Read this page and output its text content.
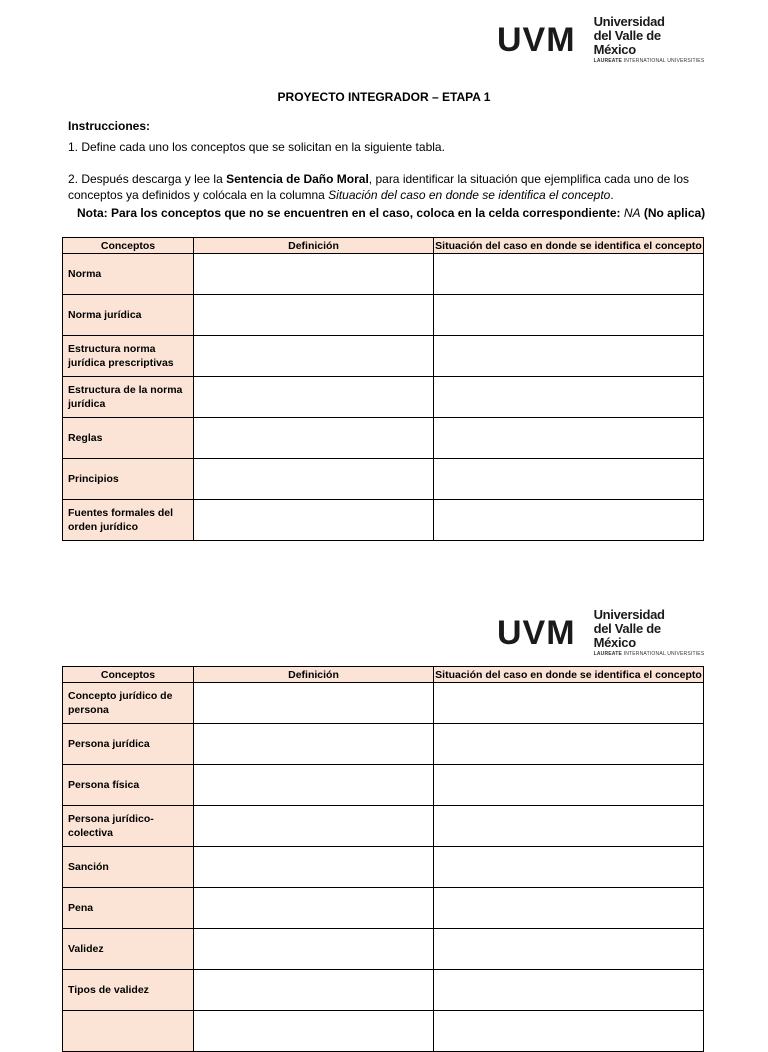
UVM Universidad
del Valle de México
LAUREATE INTERNATIONAL UNIVERSITIES
PROYECTO INTEGRADOR – ETAPA 1
Instrucciones:
1. Define cada uno los conceptos que se solicitan en la siguiente tabla.
2. Después descarga y lee la Sentencia de Daño Moral, para identificar la situación que ejemplifica cada uno de los conceptos ya definidos y colócala en la columna Situación del caso en donde se identifica el concepto.
Nota: Para los conceptos que no se encuentren en el caso, coloca en la celda correspondiente: NA (No aplica)
Conceptos	Definición	Situación del caso en donde se identifica el concepto
Norma		
Norma jurídica		
Estructura norma jurídica prescriptivas		
Estructura de la norma jurídica		
Reglas		
Principios		
Fuentes formales del orden jurídico		
UVM Universidad
del Valle de México
LAUREATE INTERNATIONAL UNIVERSITIES
Conceptos	Definición	Situación del caso en donde se identifica el concepto
Concepto jurídico de persona		
Persona jurídica		
Persona física		
Persona jurídico-colectiva		
Sanción		
Pena		
Validez		
Tipos de validez		
